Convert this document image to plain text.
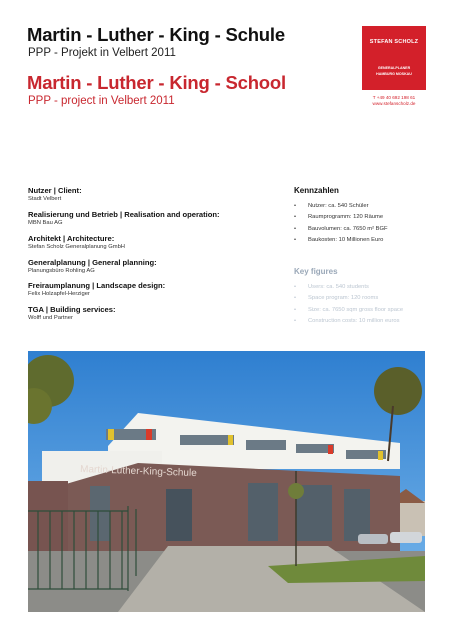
Martin - Luther - King - Schule
PPP - Projekt in Velbert 2011
Martin - Luther - King - School
PPP - project in Velbert 2011
STEFAN SCHOLZ
GENERALPLANER
HAMBURG MOSKAU
T +49 40 692 198 61
www.stefanscholz.de
Nutzer | Client:
Stadt Velbert
Realisierung und Betrieb | Realisation and operation:
MBN Bau AG
Architekt | Architecture:
Stefan Scholz Generalplanung GmbH
Generalplanung | General planning:
Planungsbüro Rohling AG
Freiraumplanung | Landscape design:
Felix Holzapfel-Herziger
TGA | Building services:
Wolff und Partner
Kennzahlen
• Nutzer: ca. 540 Schüler
• Raumprogramm: 120 Räume
• Bauvolumen: ca. 7650 m² BGF
• Baukosten: 10 Millionen Euro
Key figures
• Users: ca. 540 students
• Space program: 120 rooms
• Size: ca. 7650 sqm gross floor space
• Construction costs: 10 million euros
Martin-Luther-King-Schule
